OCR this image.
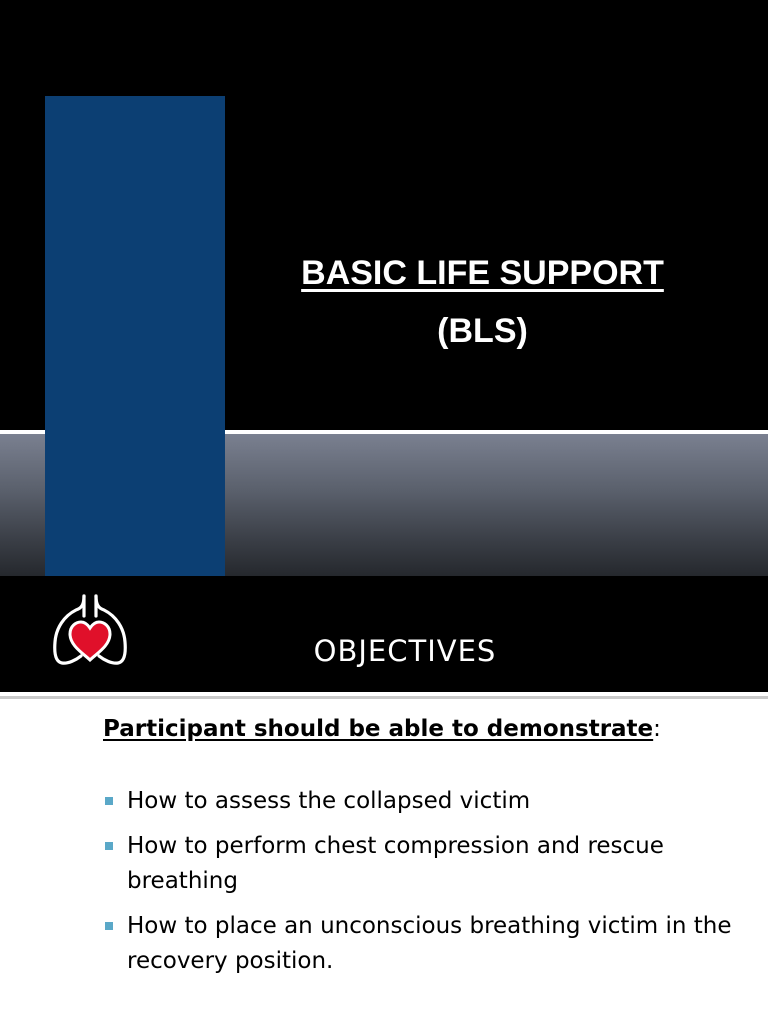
BASIC LIFE SUPPORT
(BLS)
OBJECTIVES
Participant should be able to demonstrate:
How to assess the collapsed victim
How to perform chest compression and rescue breathing
How to place an unconscious breathing victim in the recovery position.
